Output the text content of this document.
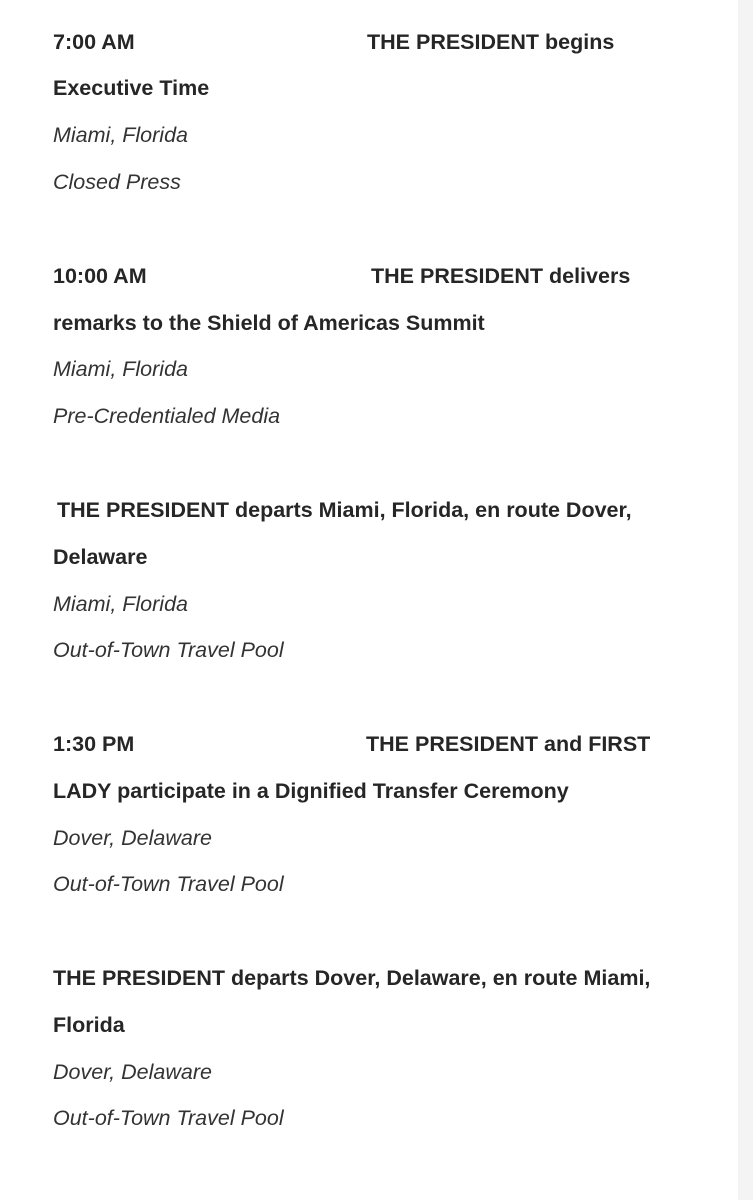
7:00 AM	THE PRESIDENT begins
Executive Time
Miami, Florida
Closed Press
10:00 AM	THE PRESIDENT delivers
remarks to the Shield of Americas Summit
Miami, Florida
Pre-Credentialed Media
THE PRESIDENT departs Miami, Florida, en route Dover,
Delaware
Miami, Florida
Out-of-Town Travel Pool
1:30 PM	THE PRESIDENT and FIRST
LADY participate in a Dignified Transfer Ceremony
Dover, Delaware
Out-of-Town Travel Pool
THE PRESIDENT departs Dover, Delaware, en route Miami,
Florida
Dover, Delaware
Out-of-Town Travel Pool
